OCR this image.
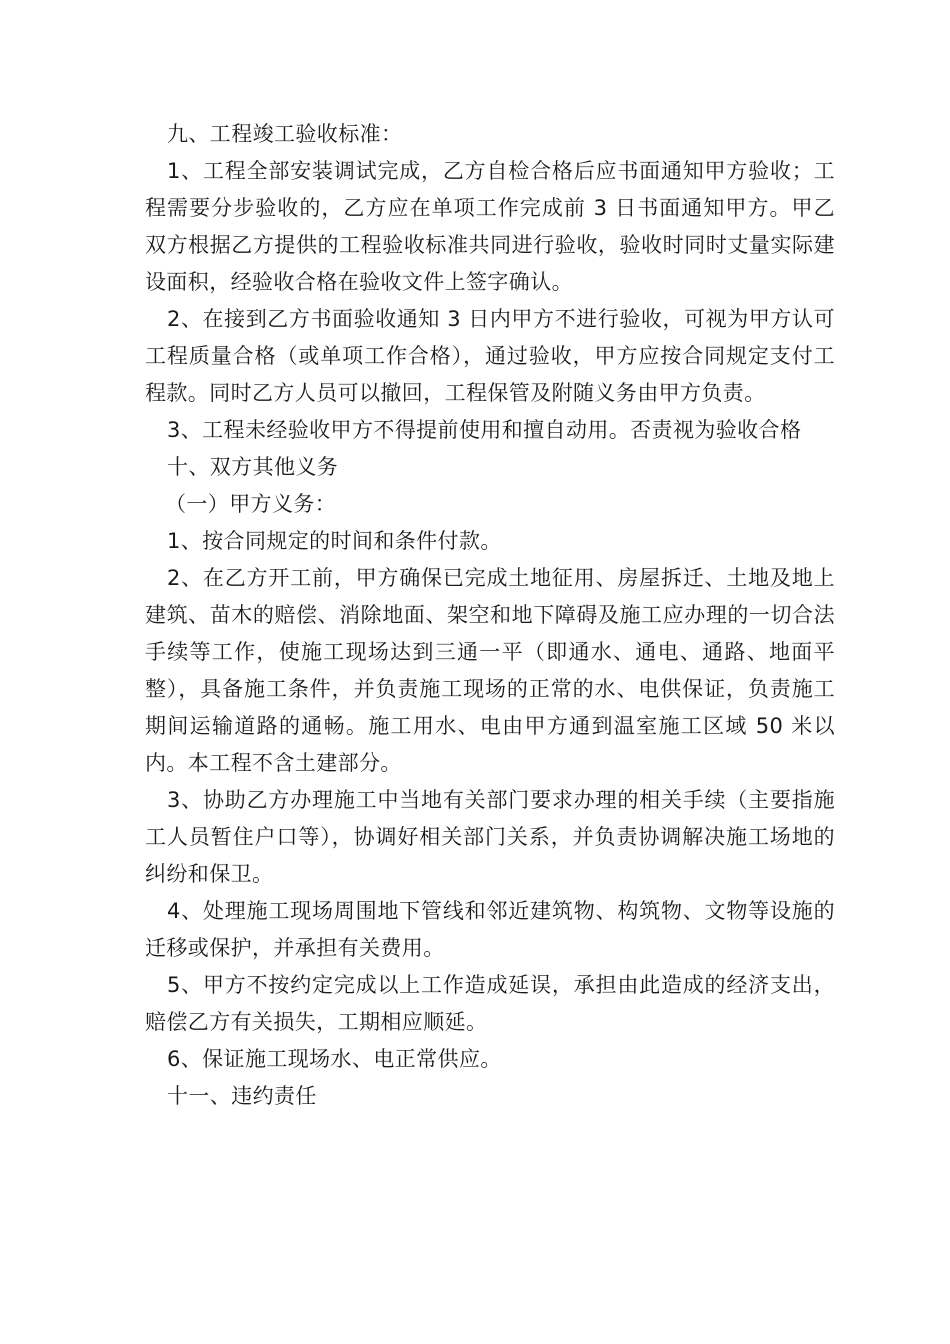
九、工程竣工验收标准：

1、工程全部安装调试完成，乙方自检合格后应书面通知甲方验收；工程需要分步验收的，乙方应在单项工作完成前 3 日书面通知甲方。甲乙双方根据乙方提供的工程验收标准共同进行验收，验收时同时丈量实际建设面积，经验收合格在验收文件上签字确认。

2、在接到乙方书面验收通知 3 日内甲方不进行验收，可视为甲方认可工程质量合格（或单项工作合格），通过验收，甲方应按合同规定支付工程款。同时乙方人员可以撤回，工程保管及附随义务由甲方负责。

3、工程未经验收甲方不得提前使用和擅自动用。否责视为验收合格

十、双方其他义务

（一）甲方义务：

1、按合同规定的时间和条件付款。

2、在乙方开工前，甲方确保已完成土地征用、房屋拆迁、土地及地上建筑、苗木的赔偿、消除地面、架空和地下障碍及施工应办理的一切合法手续等工作，使施工现场达到三通一平（即通水、通电、通路、地面平整），具备施工条件，并负责施工现场的正常的水、电供保证，负责施工期间运输道路的通畅。施工用水、电由甲方通到温室施工区域 50 米以内。本工程不含土建部分。

3、协助乙方办理施工中当地有关部门要求办理的相关手续（主要指施工人员暂住户口等），协调好相关部门关系，并负责协调解决施工场地的纠纷和保卫。

4、处理施工现场周围地下管线和邻近建筑物、构筑物、文物等设施的迁移或保护，并承担有关费用。

5、甲方不按约定完成以上工作造成延误，承担由此造成的经济支出，赔偿乙方有关损失，工期相应顺延。

6、保证施工现场水、电正常供应。

十一、违约责任
